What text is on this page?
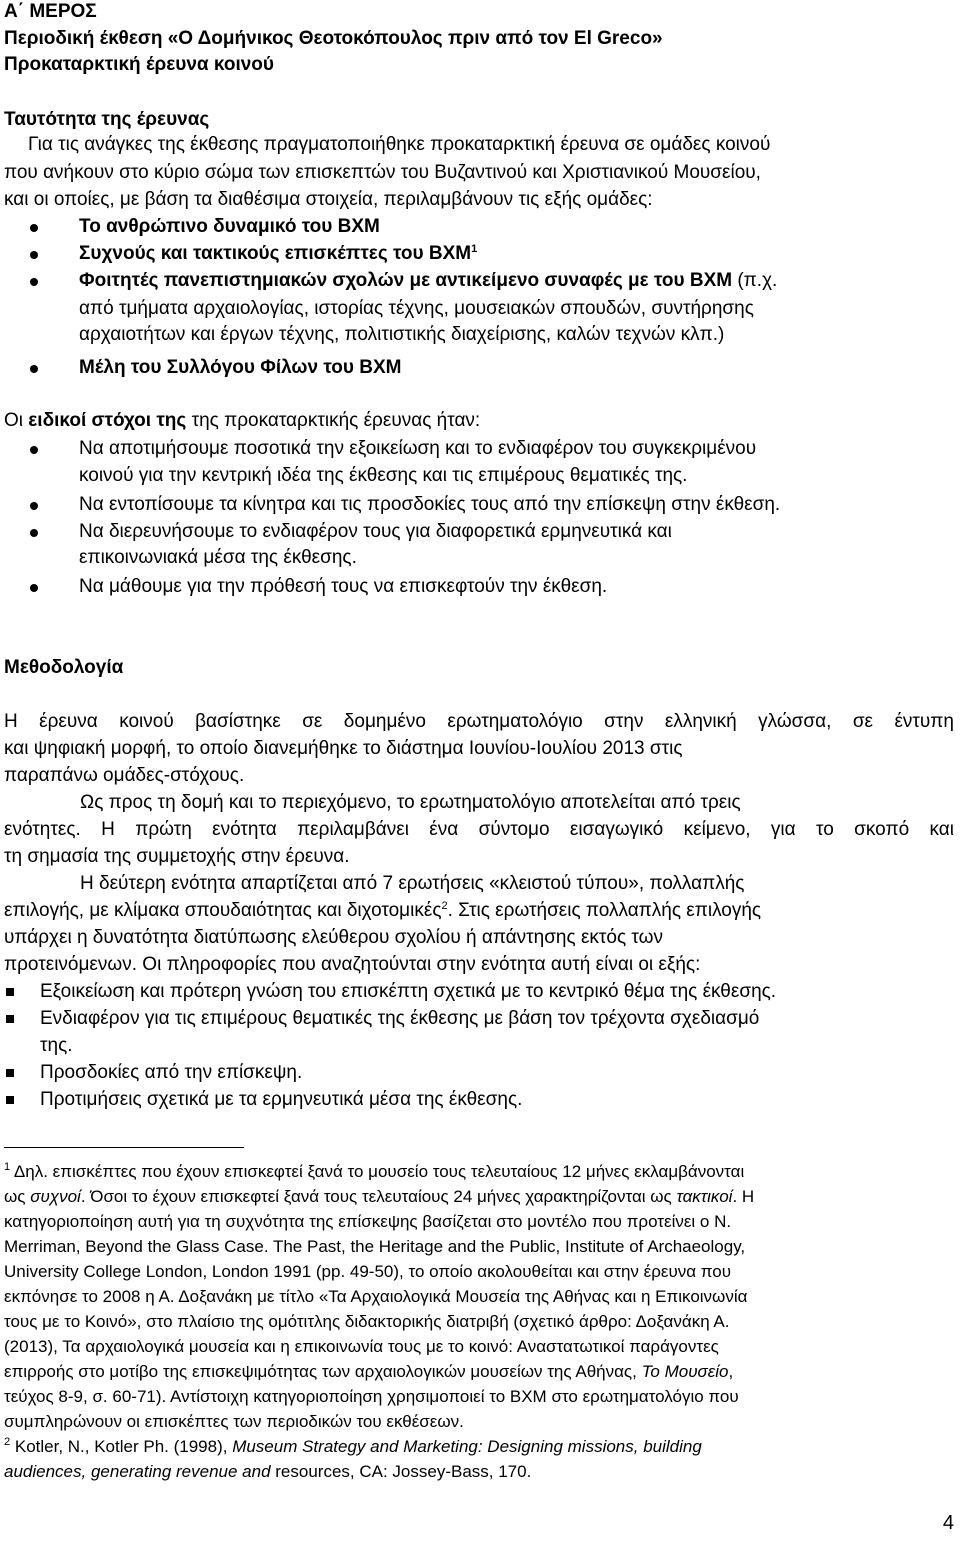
Α΄ ΜΕΡΟΣ
Περιοδική έκθεση «Ο Δομήνικος Θεοτοκόπουλος πριν από τον El Greco»
Προκαταρκτική έρευνα κοινού
Ταυτότητα της έρευνας
Για τις ανάγκες της έκθεσης πραγματοποιήθηκε προκαταρκτική έρευνα σε ομάδες κοινού
που ανήκουν στο κύριο σώμα των επισκεπτών του Βυζαντινού και Χριστιανικού Μουσείου,
και οι οποίες, με βάση τα διαθέσιμα στοιχεία, περιλαμβάνουν τις εξής ομάδες:
Το ανθρώπινο δυναμικό του ΒΧΜ
Συχνούς και τακτικούς επισκέπτες του ΒΧΜ$^1$
Φοιτητές πανεπιστημιακών σχολών με αντικείμενο συναφές με του ΒΧΜ (π.χ.
από τμήματα αρχαιολογίας, ιστορίας τέχνης, μουσειακών σπουδών, συντήρησης
αρχαιοτήτων και έργων τέχνης, πολιτιστικής διαχείρισης, καλών τεχνών κλπ.)
Μέλη του Συλλόγου Φίλων του ΒΧΜ
Οι ειδικοί στόχοι της της προκαταρκτικής έρευνας ήταν:
Να αποτιμήσουμε ποσοτικά την εξοικείωση και το ενδιαφέρον του συγκεκριμένου
κοινού για την κεντρική ιδέα της έκθεσης και τις επιμέρους θεματικές της.
Να εντοπίσουμε τα κίνητρα και τις προσδοκίες τους από την επίσκεψη στην έκθεση.
Να διερευνήσουμε το ενδιαφέρον τους για διαφορετικά ερμηνευτικά και
επικοινωνιακά μέσα της έκθεσης.
Να μάθουμε για την πρόθεσή τους να επισκεφτούν την έκθεση.
Μεθοδολογία
Η έρευνα κοινού βασίστηκε σε δομημένο ερωτηματολόγιο στην ελληνική γλώσσα, σε έντυπη
και ψηφιακή μορφή, το οποίο διανεμήθηκε το διάστημα Ιουνίου-Ιουλίου 2013 στις
παραπάνω ομάδες-στόχους.
Ως προς τη δομή και το περιεχόμενο, το ερωτηματολόγιο αποτελείται από τρεις
ενότητες. Η πρώτη ενότητα περιλαμβάνει ένα σύντομο εισαγωγικό κείμενο, για το σκοπό και
τη σημασία της συμμετοχής στην έρευνα.
Η δεύτερη ενότητα απαρτίζεται από 7 ερωτήσεις «κλειστού τύπου», πολλαπλής
επιλογής, με κλίμακα σπουδαιότητας και διχοτομικές$^2$. Στις ερωτήσεις πολλαπλής επιλογής
υπάρχει η δυνατότητα διατύπωσης ελεύθερου σχολίου ή απάντησης εκτός των
προτεινόμενων. Οι πληροφορίες που αναζητούνται στην ενότητα αυτή είναι οι εξής:
Εξοικείωση και πρότερη γνώση του επισκέπτη σχετικά με το κεντρικό θέμα της έκθεσης.
Ενδιαφέρον για τις επιμέρους θεματικές της έκθεσης με βάση τον τρέχοντα σχεδιασμό
της.
Προσδοκίες από την επίσκεψη.
Προτιμήσεις σχετικά με τα ερμηνευτικά μέσα της έκθεσης.
$^1$ Δηλ. επισκέπτες που έχουν επισκεφτεί ξανά το μουσείο τους τελευταίους 12 μήνες εκλαμβάνονται
ως συχνοί. Όσοι το έχουν επισκεφτεί ξανά τους τελευταίους 24 μήνες χαρακτηρίζονται ως τακτικοί. Η
κατηγοριοποίηση αυτή για τη συχνότητα της επίσκεψης βασίζεται στο μοντέλο που προτείνει ο N.
Merriman, Beyond the Glass Case. The Past, the Heritage and the Public, Institute of Archaeology,
University College London, London 1991 (pp. 49-50), το οποίο ακολουθείται και στην έρευνα που
εκπόνησε το 2008 η Α. Δοξανάκη με τίτλο «Τα Αρχαιολογικά Μουσεία της Αθήνας και η Επικοινωνία
τους με το Κοινό», στο πλαίσιο της ομότιτλης διδακτορικής διατριβή (σχετικό άρθρο: Δοξανάκη Α.
(2013), Τα αρχαιολογικά μουσεία και η επικοινωνία τους με το κοινό: Αναστατωτικοί παράγοντες
επιρροής στο μοτίβο της επισκεψιμότητας των αρχαιολογικών μουσείων της Αθήνας, Το Μουσείο,
τεύχος 8-9, σ. 60-71). Αντίστοιχη κατηγοριοποίηση χρησιμοποιεί το ΒΧΜ στο ερωτηματολόγιο που
συμπληρώνουν οι επισκέπτες των περιοδικών του εκθέσεων.
$^2$ Kotler, N., Kotler Ph. (1998), Museum Strategy and Marketing: Designing missions, building
audiences, generating revenue and resources, CA: Jossey-Bass, 170.
4
